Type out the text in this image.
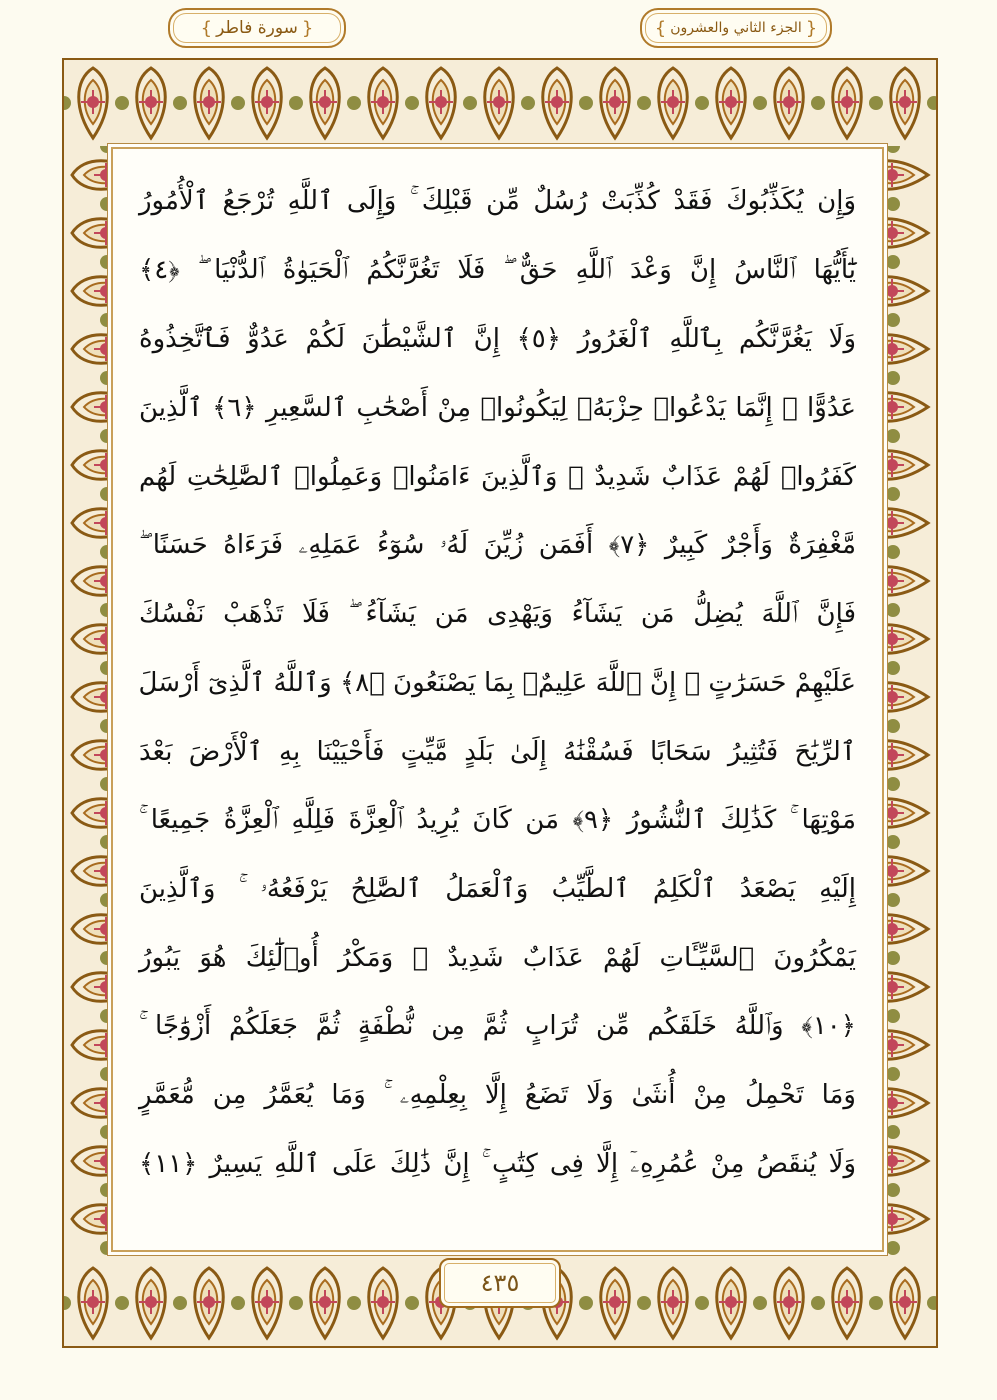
{ سورة فاطر }	{ الجزء الثاني والعشرون }
وَإِن يُكَذِّبُوكَ فَقَدْ كُذِّبَتْ رُسُلٌ مِّن قَبْلِكَ ۚ وَإِلَى ٱللَّهِ تُرْجَعُ ٱلْأُمُورُ
يَٰٓأَيُّهَا ٱلنَّاسُ إِنَّ وَعْدَ ٱللَّهِ حَقٌّ ۖ فَلَا تَغُرَّنَّكُمُ ٱلْحَيَوٰةُ ٱلدُّنْيَا ۖ ﴿٤﴾
وَلَا يَغُرَّنَّكُم بِٱللَّهِ ٱلْغَرُورُ ﴿٥﴾ إِنَّ ٱلشَّيْطَٰنَ لَكُمْ عَدُوٌّ فَٱتَّخِذُوهُ
عَدُوًّا ۚ إِنَّمَا يَدْعُوا۟ حِزْبَهُۥ لِيَكُونُوا۟ مِنْ أَصْحَٰبِ ٱلسَّعِيرِ ﴿٦﴾ ٱلَّذِينَ
كَفَرُوا۟ لَهُمْ عَذَابٌ شَدِيدٌ ۖ وَٱلَّذِينَ ءَامَنُوا۟ وَعَمِلُوا۟ ٱلصَّٰلِحَٰتِ لَهُم
مَّغْفِرَةٌ وَأَجْرٌ كَبِيرٌ ﴿٧﴾ أَفَمَن زُيِّنَ لَهُۥ سُوٓءُ عَمَلِهِۦ فَرَءَاهُ حَسَنًا ۖ
فَإِنَّ ٱللَّهَ يُضِلُّ مَن يَشَآءُ وَيَهْدِى مَن يَشَآءُ ۖ فَلَا تَذْهَبْ نَفْسُكَ
عَلَيْهِمْ حَسَرَٰتٍ ۚ إِنَّ ٱللَّهَ عَلِيمٌۢ بِمَا يَصْنَعُونَ ﴿٨﴾ وَٱللَّهُ ٱلَّذِىٓ أَرْسَلَ
ٱلرِّيَٰحَ فَتُثِيرُ سَحَابًا فَسُقْنَٰهُ إِلَىٰ بَلَدٍ مَّيِّتٍ فَأَحْيَيْنَا بِهِ ٱلْأَرْضَ بَعْدَ
مَوْتِهَا ۚ كَذَٰلِكَ ٱلنُّشُورُ ﴿٩﴾ مَن كَانَ يُرِيدُ ٱلْعِزَّةَ فَلِلَّهِ ٱلْعِزَّةُ جَمِيعًا ۚ
إِلَيْهِ يَصْعَدُ ٱلْكَلِمُ ٱلطَّيِّبُ وَٱلْعَمَلُ ٱلصَّٰلِحُ يَرْفَعُهُۥ ۚ وَٱلَّذِينَ
يَمْكُرُونَ ٱلسَّيِّـَٔاتِ لَهُمْ عَذَابٌ شَدِيدٌ ۖ وَمَكْرُ أُو۟لَٰٓئِكَ هُوَ يَبُورُ
﴿١٠﴾ وَٱللَّهُ خَلَقَكُم مِّن تُرَابٍ ثُمَّ مِن نُّطْفَةٍ ثُمَّ جَعَلَكُمْ أَزْوَٰجًا ۚ
وَمَا تَحْمِلُ مِنْ أُنثَىٰ وَلَا تَضَعُ إِلَّا بِعِلْمِهِۦ ۚ وَمَا يُعَمَّرُ مِن مُّعَمَّرٍ
وَلَا يُنقَصُ مِنْ عُمُرِهِۦٓ إِلَّا فِى كِتَٰبٍ ۚ إِنَّ ذَٰلِكَ عَلَى ٱللَّهِ يَسِيرٌ ﴿١١﴾
٤٣٥
